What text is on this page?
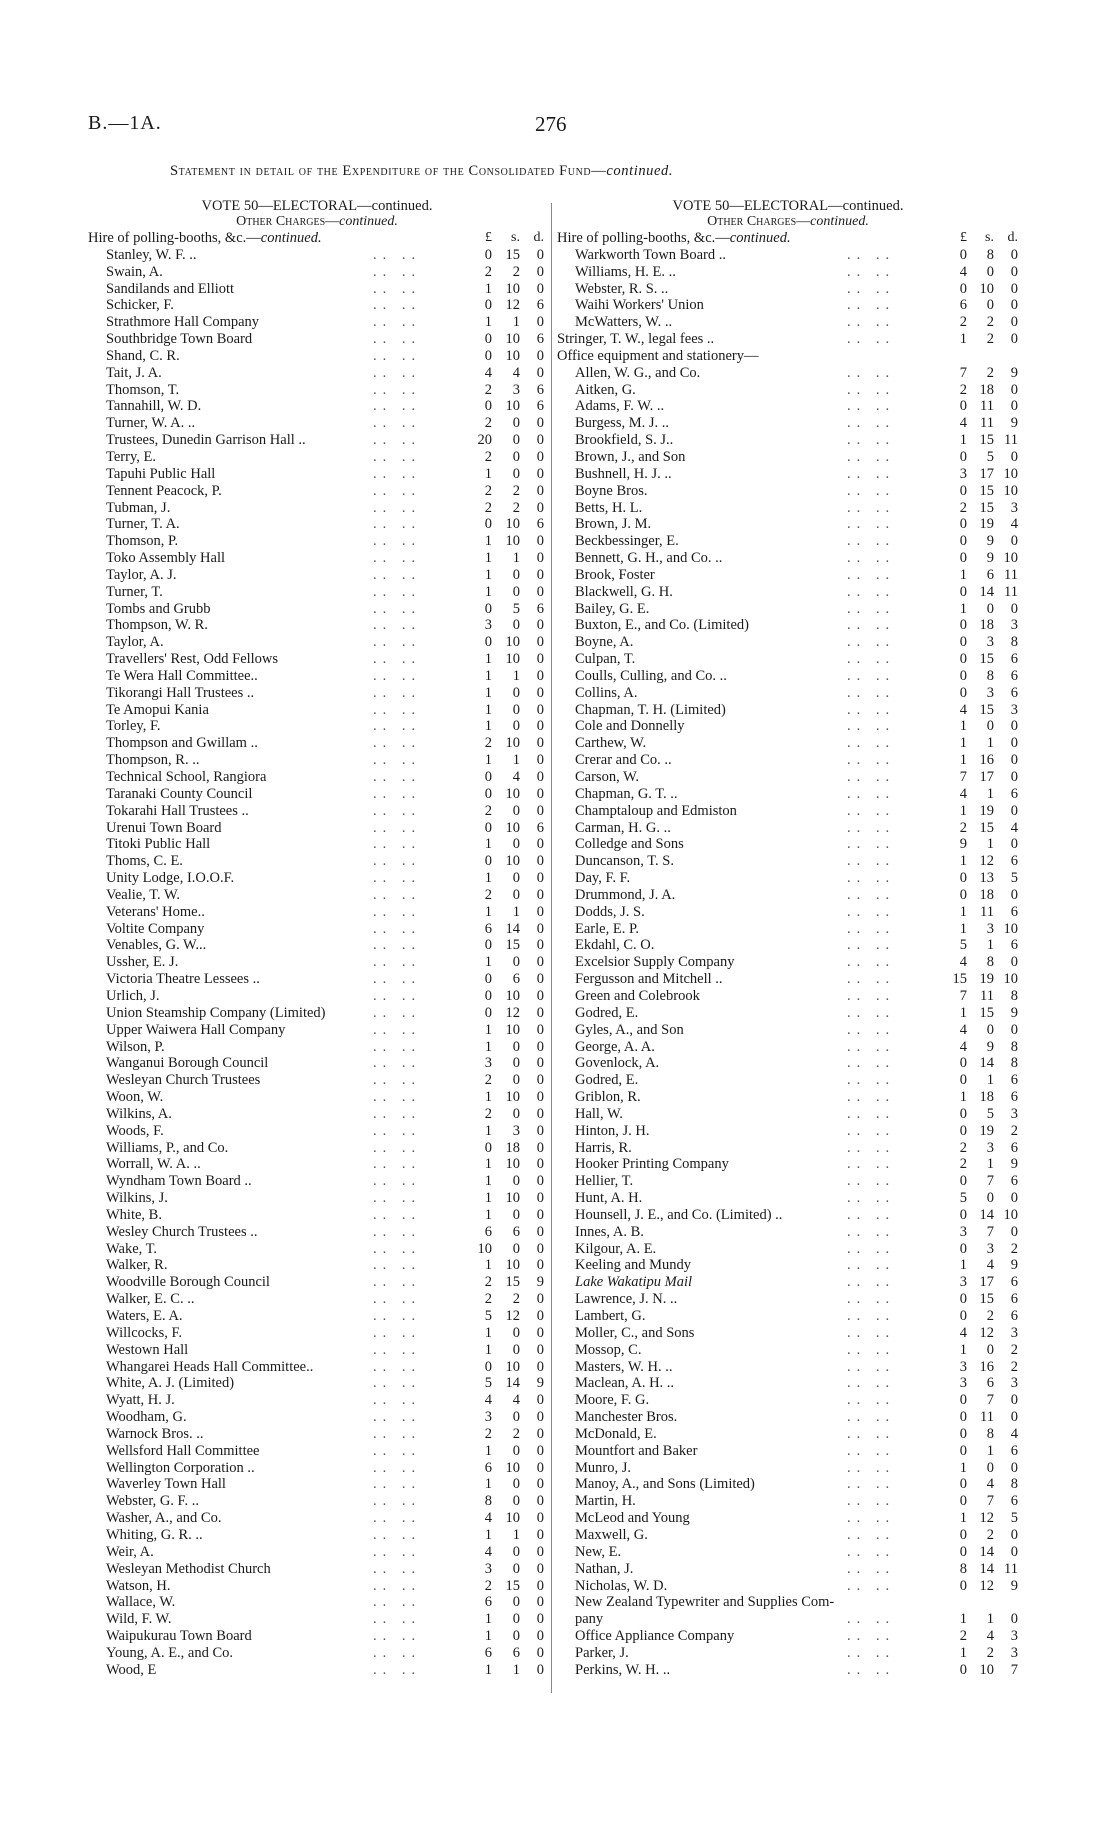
B.—1A.	276
Statement in detail of the Expenditure of the Consolidated Fund—continued.
VOTE 50—ELECTORAL—continued.
Other Charges—continued.
Hire of polling-booths, &c.—continued.	£	s. d.
Stanley, W. F. ..	.. ..	0 15	0
Swain, A.	.. ..	2	2	0
Sandilands and Elliott	.. ..	1 10	0
Schicker, F.	.. ..	0 12	6
Strathmore Hall Company	.. ..	1	1	0
Southbridge Town Board	.. ..	0 10	6
Shand, C. R.	.. ..	0 10	0
Tait, J. A.	.. ..	4	4	0
Thomson, T.	.. ..	2	3	6
Tannahill, W. D.	.. ..	0 10	6
Turner, W. A. ..	.. ..	2	0	0
Trustees, Dunedin Garrison Hall ..	.. ..	20	0	0
Terry, E.	.. ..	2	0	0
Tapuhi Public Hall	.. ..	1	0	0
Tennent Peacock, P.	.. ..	2	2	0
Tubman, J.	.. ..	2	2	0
Turner, T. A.	.. ..	0 10	6
Thomson, P.	.. ..	1 10	0
Toko Assembly Hall	.. ..	1	1	0
Taylor, A. J.	.. ..	1	0	0
Turner, T.	.. ..	1	0	0
Tombs and Grubb	.. ..	0	5	6
Thompson, W. R.	.. ..	3	0	0
Taylor, A.	.. ..	0 10	0
Travellers' Rest, Odd Fellows	.. ..	1 10	0
Te Wera Hall Committee..	.. ..	1	1	0
Tikorangi Hall Trustees ..	.. ..	1	0	0
Te Amopui Kania	.. ..	1	0	0
Torley, F.	.. ..	1	0	0
Thompson and Gwillam ..	.. ..	2 10	0
Thompson, R. ..	.. ..	1	1	0
Technical School, Rangiora	.. ..	0	4	0
Taranaki County Council	.. ..	0 10	0
Tokarahi Hall Trustees ..	.. ..	2	0	0
Urenui Town Board	.. ..	0 10	6
Titoki Public Hall	.. ..	1	0	0
Thoms, C. E.	.. ..	0 10	0
Unity Lodge, I.O.O.F.	.. ..	1	0	0
Vealie, T. W.	.. ..	2	0	0
Veterans' Home..	.. ..	1	1	0
Voltite Company	.. ..	6 14	0
Venables, G. W...	.. ..	0 15	0
Ussher, E. J.	.. ..	1	0	0
Victoria Theatre Lessees ..	.. ..	0	6	0
Urlich, J.	.. ..	0 10	0
Union Steamship Company (Limited)	.. ..	0 12	0
Upper Waiwera Hall Company	.. ..	1 10	0
Wilson, P.	.. ..	1	0	0
Wanganui Borough Council	.. ..	3	0	0
Wesleyan Church Trustees	.. ..	2	0	0
Woon, W.	.. ..	1 10	0
Wilkins, A.	.. ..	2	0	0
Woods, F.	.. ..	1	3	0
Williams, P., and Co.	.. ..	0 18	0
Worrall, W. A. ..	.. ..	1 10	0
Wyndham Town Board ..	.. ..	1	0	0
Wilkins, J.	.. ..	1 10	0
White, B.	.. ..	1	0	0
Wesley Church Trustees ..	.. ..	6	6	0
Wake, T.	.. ..	10	0	0
Walker, R.	.. ..	1 10	0
Woodville Borough Council	.. ..	2 15	9
Walker, E. C. ..	.. ..	2	2	0
Waters, E. A.	.. ..	5 12	0
Willcocks, F.	.. ..	1	0	0
Westown Hall	.. ..	1	0	0
Whangarei Heads Hall Committee..	.. ..	0 10	0
White, A. J. (Limited)	.. ..	5 14	9
Wyatt, H. J.	.. ..	4	4	0
Woodham, G.	.. ..	3	0	0
Warnock Bros. ..	.. ..	2	2	0
Wellsford Hall Committee	.. ..	1	0	0
Wellington Corporation ..	.. ..	6 10	0
Waverley Town Hall	.. ..	1	0	0
Webster, G. F. ..	.. ..	8	0	0
Washer, A., and Co.	.. ..	4 10	0
Whiting, G. R. ..	.. ..	1	1	0
Weir, A.	.. ..	4	0	0
Wesleyan Methodist Church	.. ..	3	0	0
Watson, H.	.. ..	2 15	0
Wallace, W.	.. ..	6	0	0
Wild, F. W.	.. ..	1	0	0
Waipukurau Town Board	.. ..	1	0	0
Young, A. E., and Co.	.. ..	6	6	0
Wood, E	.. ..	1	1	0
VOTE 50—ELECTORAL—continued.
Other Charges—continued.
Hire of polling-booths, &c.—continued.	£	s. d.
Warkworth Town Board ..	.. ..	0	8	0
Williams, H. E. ..	.. ..	4	0	0
Webster, R. S. ..	.. ..	0 10	0
Waihi Workers' Union	.. ..	6	0	0
McWatters, W. ..	.. ..	2	2	0
Stringer, T. W., legal fees ..	.. ..	1	2	0
Office equipment and stationery—
Allen, W. G., and Co.	.. ..	7	2	9
Aitken, G.	.. ..	2 18	0
Adams, F. W. ..	.. ..	0 11	0
Burgess, M. J. ..	.. ..	4 11	9
Brookfield, S. J..	.. ..	1 15 11
Brown, J., and Son	.. ..	0	5	0
Bushnell, H. J. ..	.. ..	3 17 10
Boyne Bros.	.. ..	0 15 10
Betts, H. L.	.. ..	2 15	3
Brown, J. M.	.. ..	0 19	4
Beckbessinger, E.	.. ..	0	9	0
Bennett, G. H., and Co. ..	.. ..	0	9 10
Brook, Foster	.. ..	1	6 11
Blackwell, G. H.	.. ..	0 14 11
Bailey, G. E.	.. ..	1	0	0
Buxton, E., and Co. (Limited)	.. ..	0 18	3
Boyne, A.	.. ..	0	3	8
Culpan, T.	.. ..	0 15	6
Coulls, Culling, and Co. ..	.. ..	0	8	6
Collins, A.	.. ..	0	3	6
Chapman, T. H. (Limited)	.. ..	4 15	3
Cole and Donnelly	.. ..	1	0	0
Carthew, W.	.. ..	1	1	0
Crerar and Co. ..	.. ..	1 16	0
Carson, W.	.. ..	7 17	0
Chapman, G. T. ..	.. ..	4	1	6
Champtaloup and Edmiston	.. ..	1 19	0
Carman, H. G. ..	.. ..	2 15	4
Colledge and Sons	.. ..	9	1	0
Duncanson, T. S.	.. ..	1 12	6
Day, F. F.	.. ..	0 13	5
Drummond, J. A.	.. ..	0 18	0
Dodds, J. S.	.. ..	1 11	6
Earle, E. P.	.. ..	1	3 10
Ekdahl, C. O.	.. ..	5	1	6
Excelsior Supply Company	.. ..	4	8	0
Fergusson and Mitchell ..	.. ..	15 19 10
Green and Colebrook	.. ..	7 11	8
Godred, E.	.. ..	1 15	9
Gyles, A., and Son	.. ..	4	0	0
George, A. A.	.. ..	4	9	8
Govenlock, A.	.. ..	0 14	8
Godred, E.	.. ..	0	1	6
Griblon, R.	.. ..	1 18	6
Hall, W.	.. ..	0	5	3
Hinton, J. H.	.. ..	0 19	2
Harris, R.	.. ..	2	3	6
Hooker Printing Company	.. ..	2	1	9
Hellier, T.	.. ..	0	7	6
Hunt, A. H.	.. ..	5	0	0
Hounsell, J. E., and Co. (Limited) ..	.. ..	0 14 10
Innes, A. B.	.. ..	3	7	0
Kilgour, A. E.	.. ..	0	3	2
Keeling and Mundy	.. ..	1	4	9
Lake Wakatipu Mail	.. ..	3 17	6
Lawrence, J. N. ..	.. ..	0 15	6
Lambert, G.	.. ..	0	2	6
Moller, C., and Sons	.. ..	4 12	3
Mossop, C.	.. ..	1	0	2
Masters, W. H. ..	.. ..	3 16	2
Maclean, A. H. ..	.. ..	3	6	3
Moore, F. G.	.. ..	0	7	0
Manchester Bros.	.. ..	0 11	0
McDonald, E.	.. ..	0	8	4
Mountfort and Baker	.. ..	0	1	6
Munro, J.	.. ..	1	0	0
Manoy, A., and Sons (Limited)	.. ..	0	4	8
Martin, H.	.. ..	0	7	6
McLeod and Young	.. ..	1 12	5
Maxwell, G.	.. ..	0	2	0
New, E.	.. ..	0 14	0
Nathan, J.	.. ..	8 14 11
Nicholas, W. D.	.. ..	0 12	9
New Zealand Typewriter and Supplies Com-
pany	.. ..	1	1	0
Office Appliance Company	.. ..	2	4	3
Parker, J.	.. ..	1	2	3
Perkins, W. H. ..	.. ..	0 10	7
